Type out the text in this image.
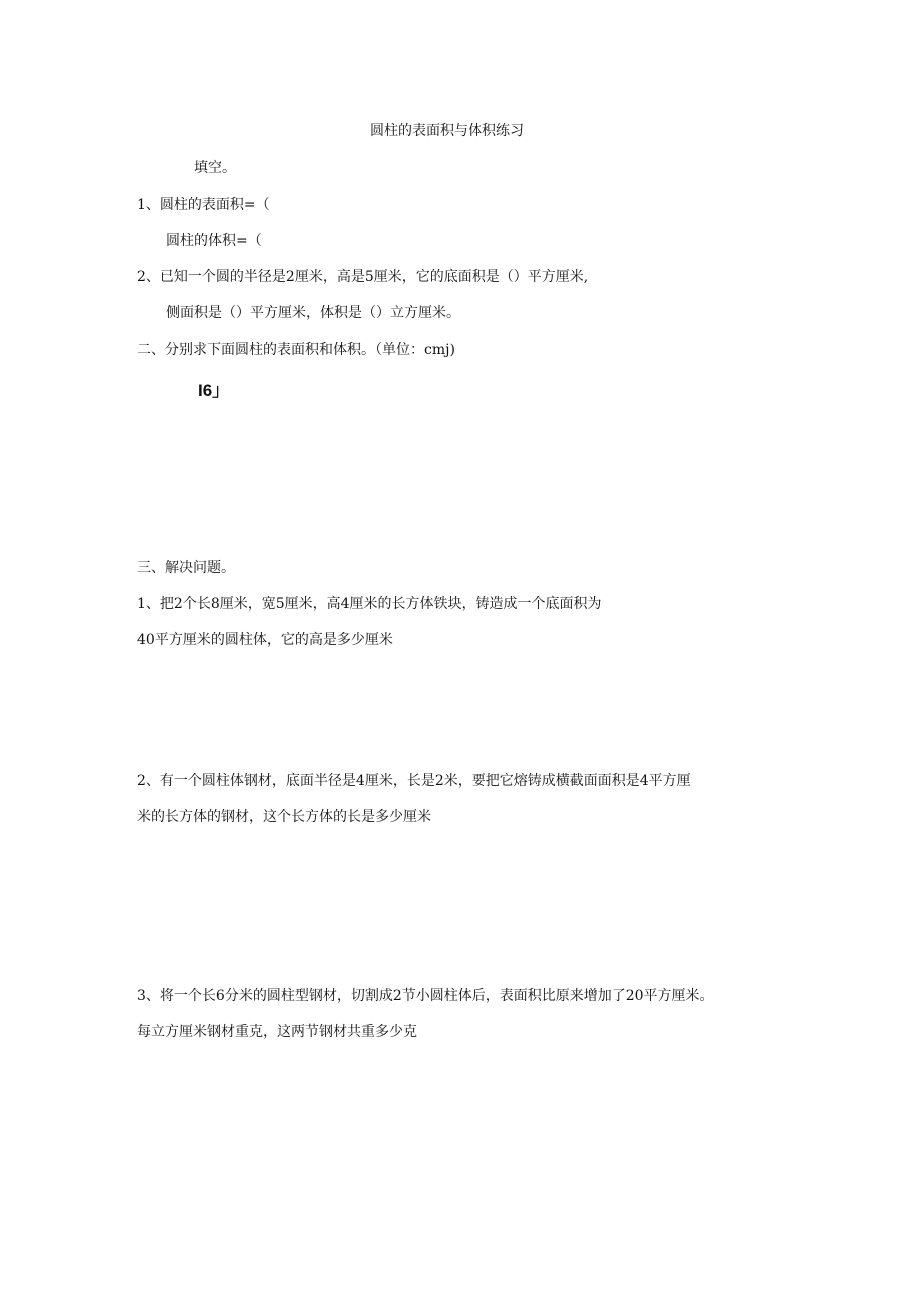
圆柱的表面积与体积练习
填空。
1、圆柱的表面积=（
圆柱的体积=（
2、已知一个圆的半径是2厘米，高是5厘米，它的底面积是（）平方厘米,
侧面积是（）平方厘米，体积是（）立方厘米。
二、分别求下面圆柱的表面积和体积。（单位：cmj)
I6」
三、解决问题。
1、把2个长8厘米，宽5厘米，高4厘米的长方体铁块，铸造成一个底面积为
40平方厘米的圆柱体，它的高是多少厘米
2、有一个圆柱体钢材，底面半径是4厘米，长是2米，要把它熔铸成横截面面积是4平方厘
米的长方体的钢材，这个长方体的长是多少厘米
3、将一个长6分米的圆柱型钢材，切割成2节小圆柱体后，表面积比原来增加了20平方厘米。
每立方厘米钢材重克，这两节钢材共重多少克
